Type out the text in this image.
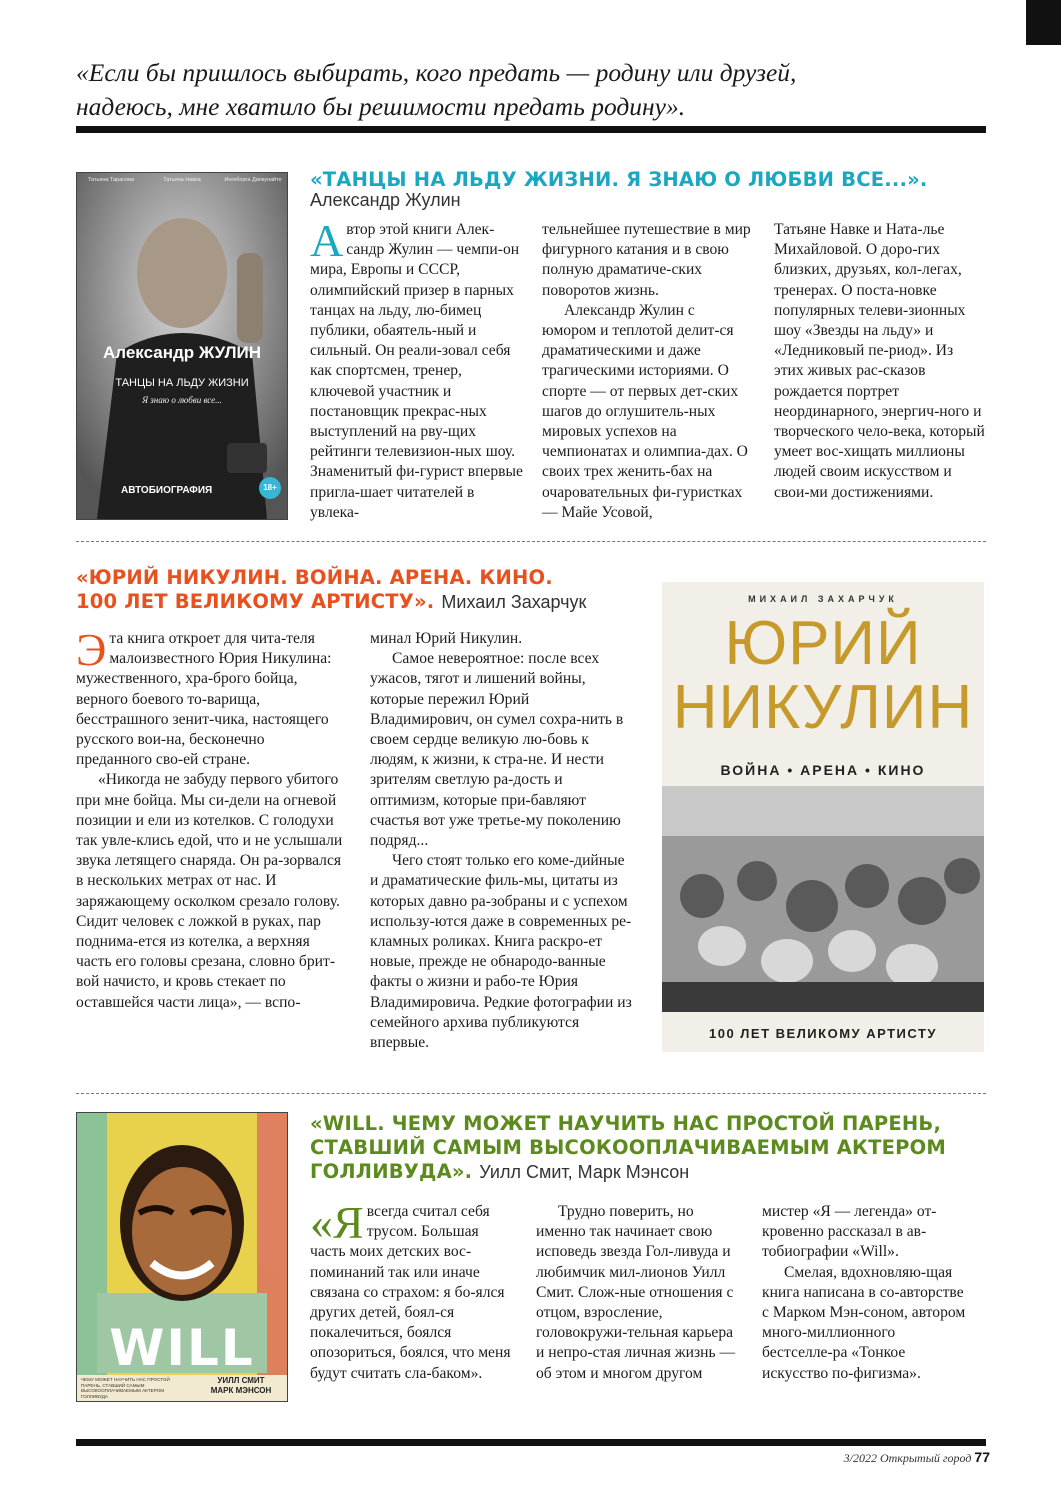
«Если бы пришлось выбирать, кого предать — родину или друзей,
надеюсь, мне хватило бы решимости предать родину».
Татьяна Тарасова	Татьяна Навка	Ингеборга Дапкунайте
Александр ЖУЛИН
ТАНЦЫ НА ЛЬДУ ЖИЗНИ
Я знаю о любви все...
АВТОБИОГРАФИЯ	18+
«ТАНЦЫ НА ЛЬДУ ЖИЗНИ. Я ЗНАЮ О ЛЮБВИ ВСЕ...».
Александр Жулин

Автор этой книги Алек-сандр Жулин — чемпи-он мира, Европы и СССР, олимпийский призер в парных танцах на льду, лю-бимец публики, обаятель-ный и сильный. Он реали-зовал себя как спортсмен, тренер, ключевой участник и постановщик прекрас-ных выступлений на рву-щих рейтинги телевизион-ных шоу. Знаменитый фи-гурист впервые пригла-шает читателей в увлека-

тельнейшее путешествие в мир фигурного катания и в свою полную драматиче-ских поворотов жизнь.

Александр Жулин с юмором и теплотой делит-ся драматическими и даже трагическими историями. О спорте — от первых дет-ских шагов до оглушитель-ных мировых успехов на чемпионатах и олимпиа-дах. О своих трех женить-бах на очаровательных фи-гуристках — Майе Усовой,

Татьяне Навке и Ната-лье Михайловой. О доро-гих близких, друзьях, кол-легах, тренерах. О поста-новке популярных телеви-зионных шоу «Звезды на льду» и «Ледниковый пе-риод». Из этих живых рас-сказов рождается портрет неординарного, энергич-ного и творческого чело-века, который умеет вос-хищать миллионы людей своим искусством и свои-ми достижениями.

«ЮРИЙ НИКУЛИН. ВОЙНА. АРЕНА. КИНО.
100 ЛЕТ ВЕЛИКОМУ АРТИСТУ». Михаил Захарчук

Эта книга откроет для чита-теля малоизвестного Юрия Никулина: мужественного, хра-брого бойца, верного боевого то-варища, бесстрашного зенит-чика, настоящего русского вои-на, бесконечно преданного сво-ей стране.

«Никогда не забуду первого убитого при мне бойца. Мы си-дели на огневой позиции и ели из котелков. С голодухи так увле-клись едой, что и не услышали звука летящего снаряда. Он ра-зорвался в нескольких метрах от нас. И заряжающему осколком срезало голову. Сидит человек с ложкой в руках, пар поднима-ется из котелка, а верхняя часть его головы срезана, словно брит-вой начисто, и кровь стекает по оставшейся части лица», — вспо-

минал Юрий Никулин.

Самое невероятное: после всех ужасов, тягот и лишений войны, которые пережил Юрий Владимирович, он сумел сохра-нить в своем сердце великую лю-бовь к людям, к жизни, к стра-не. И нести зрителям светлую ра-дость и оптимизм, которые при-бавляют счастья вот уже третье-му поколению подряд...

Чего стоят только его коме-дийные и драматические филь-мы, цитаты из которых давно ра-зобраны и с успехом использу-ются даже в современных ре-кламных роликах. Книга раскро-ет новые, прежде не обнародо-ванные факты о жизни и рабо-те Юрия Владимировича. Редкие фотографии из семейного архива публикуются впервые.

МИХАИЛ ЗАХАРЧУК
ЮРИЙ
НИКУЛИН
ВОЙНА • АРЕНА • КИНО
100 ЛЕТ ВЕЛИКОМУ АРТИСТУ
WILL
ЧЕМУ МОЖЕТ НАУЧИТЬ НАС ПРОСТОЙ ПАРЕНЬ, СТАВШИЙ САМЫМ ВЫСОКООПЛАЧИВАЕМЫМ АКТЕРОМ ГОЛЛИВУДА
УИЛЛ СМИТ
МАРК МЭНСОН
«WILL. ЧЕМУ МОЖЕТ НАУЧИТЬ НАС ПРОСТОЙ ПАРЕНЬ,
СТАВШИЙ САМЫМ ВЫСОКООПЛАЧИВАЕМЫМ АКТЕРОМ
ГОЛЛИВУДА». Уилл Смит, Марк Мэнсон

«Явсегда считал себя трусом. Большая часть моих детских вос-поминаний так или иначе связана со страхом: я бо-ялся других детей, боял-ся покалечиться, боялся опозориться, боялся, что меня будут считать сла-баком».

Трудно поверить, но именно так начинает свою исповедь звезда Гол-ливуда и любимчик мил-лионов Уилл Смит. Слож-ные отношения с отцом, взросление, головокружи-тельная карьера и непро-стая личная жизнь — об этом и многом другом

мистер «Я — легенда» от-кровенно рассказал в ав-тобиографии «Will».

Смелая, вдохновляю-щая книга написана в со-авторстве с Марком Мэн-соном, автором много-миллионного бестселле-ра «Тонкое искусство по-фигизма».

3/2022 Открытый город 77
